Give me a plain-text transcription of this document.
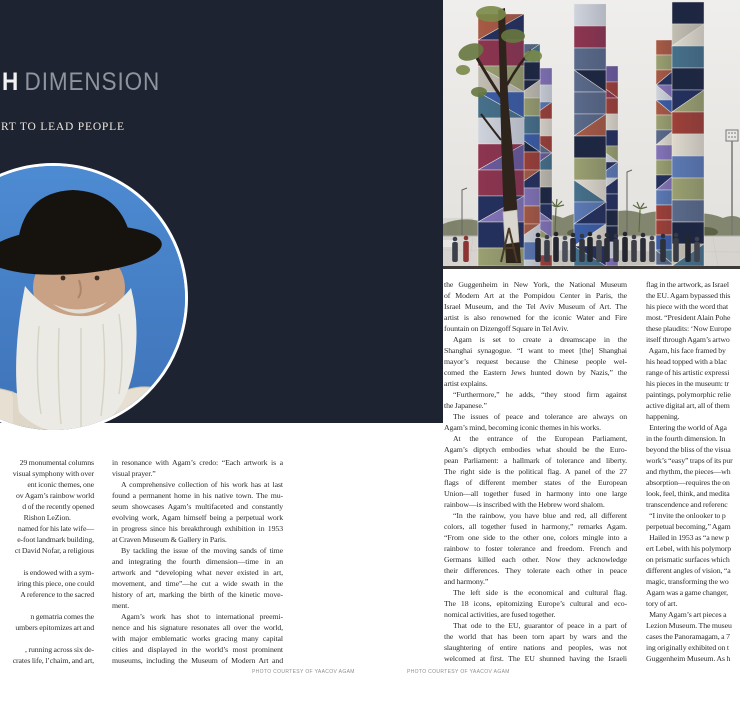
H DIMENSION
RT TO LEAD PEOPLE
29 monumental columns
visual symphony with over
ent iconic themes, one
ov Agam’s rainbow world
d of the recently opened
Rishon LeZion.   
named for his late wife—
e-foot landmark building,
ct David Nofar, a religious
is endowed with a sym-
iring this piece, one could
A reference to the sacred
n gematria comes the
umbers epitomizes art and
, running across six de-
crates life, l’chaim, and art,
in resonance with Agam’s credo: “Each artwork is a
visual prayer.”
A comprehensive collection of his work has at last
found a permanent home in his native town. The mu-
seum showcases Agam’s multifaceted and constantly
evolving work, Agam himself being a perpetual work
in progress since his breakthrough exhibition in 1953
at Craven Museum & Gallery in Paris.
By tackling the issue of the moving sands of time
and integrating the fourth dimension—time in an
artwork and “developing what never existed in art,
movement, and time”—he cut a wide swath in the
history of art, marking the birth of the kinetic move-
ment.
Agam’s work has shot to international preemi-
nence and his signature resonates all over the world,
with major emblematic works gracing many capital
cities and displayed in the world’s most prominent
museums, including the Museum of Modern Art and
the Guggenheim in New York, the National Museum
of Modern Art at the Pompidou Center in Paris, the
Israel Museum, and the Tel Aviv Museum of Art. The
artist is also renowned for the iconic Water and Fire
fountain on Dizengoff Square in Tel Aviv.
Agam is set to create a dreamscape in the
Shanghai synagogue. “I want to meet [the] Shanghai
mayor’s request because the Chinese people wel-
comed the Eastern Jews hunted down by Nazis,” the
artist explains.
“Furthermore,” he adds, “they stood firm against
the Japanese.”
The issues of peace and tolerance are always on
Agam’s mind, becoming iconic themes in his works.
At the entrance of the European Parliament,
Agam’s diptych embodies what should be the Euro-
pean Parliament: a hallmark of tolerance and liberty.
The right side is the political flag. A panel of the 27
flags of different member states of the European
Union—all together fused in harmony into one large
rainbow—is inscribed with the Hebrew word shalom.
“In the rainbow, you have blue and red, all different
colors, all together fused in harmony,” remarks Agam.
“From one side to the other one, colors mingle into a
rainbow to foster tolerance and freedom. French and
Germans killed each other. Now they acknowledge
their differences. They tolerate each other in peace
and harmony.”
The left side is the economical and cultural flag.
The 18 icons, epitomizing Europe’s cultural and eco-
nomical activities, are fused together.
That ode to the EU, guarantor of peace in a part of
the world that has been torn apart by wars and the
slaughtering of entire nations and peoples, was not
welcomed at first. The EU shunned having the Israeli
flag in the artwork, as Israel
the EU. Agam bypassed this
his piece with the word that
most. “President Alain Pohe
these plaudits: ‘Now Europe
itself through Agam’s artwo
Agam, his face framed by
his head topped with a blac
range of his artistic expressi
his pieces in the museum: tr
paintings, polymorphic relie
active digital art, all of them
happening.
Entering the world of Aga
in the fourth dimension. In
beyond the bliss of the visua
work’s “easy” traps of its pur
and rhythm, the pieces—wh
absorption—requires the on
look, feel, think, and medita
transcendence and referenc
“I invite the onlooker to p
perpetual becoming,” Agam
Hailed in 1953 as “a new p
ert Lebel, with his polymorp
on prismatic surfaces which
different angles of vision, “a
magic, transforming the wo
Agam was a game changer,
tory of art.
Many Agam’s art pieces a
Lezion Museum. The museu
cases the Panoramagam, a 7
ing originally exhibited on t
Guggenheim Museum. As h
PHOTO COURTESY OF YAACOV AGAM	PHOTO COURTESY OF YAACOV AGAM
